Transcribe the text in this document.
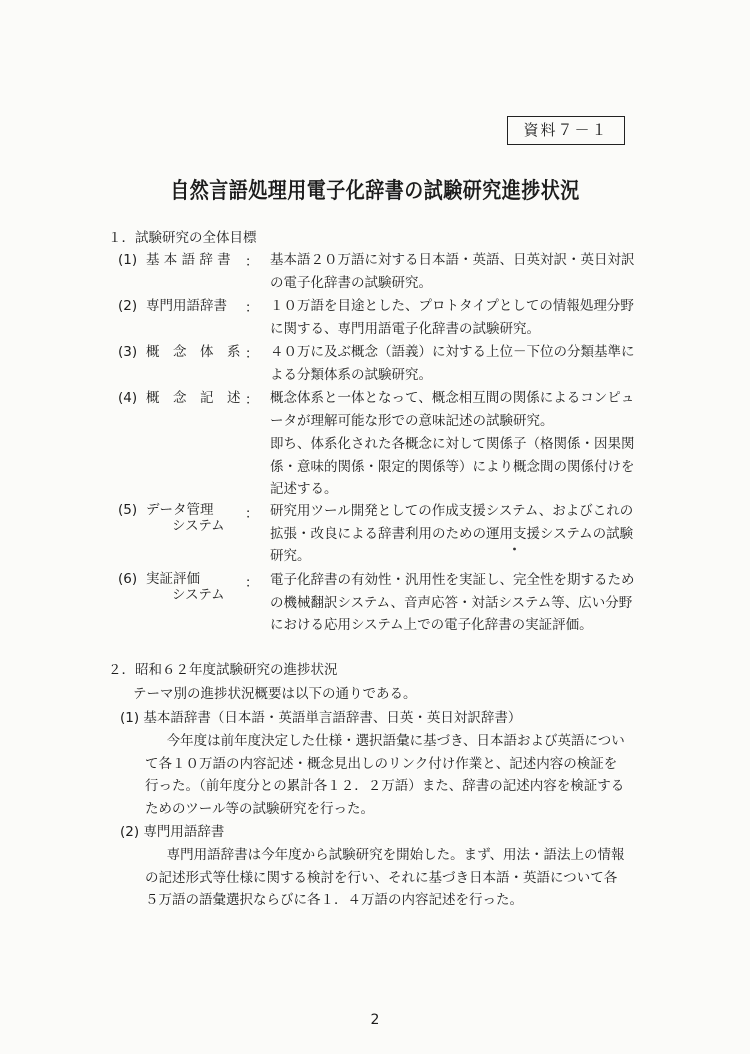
資料７－１
自然言語処理用電子化辞書の試験研究進捗状況
１．試験研究の全体目標
(1) 基 本 語 辞 書 ： 基本語２０万語に対する日本語・英語、日英対訳・英日対訳の電子化辞書の試験研究。
(2) 専門用語辞書 ： １０万語を目途とした、プロトタイプとしての情報処理分野に関する、専門用語電子化辞書の試験研究。
(3) 概　念　体　系 ： ４０万に及ぶ概念（語義）に対する上位－下位の分類基準による分類体系の試験研究。
(4) 概　念　記　述 ： 概念体系と一体となって、概念相互間の関係によるコンピュータが理解可能な形での意味記述の試験研究。
即ち、体系化された各概念に対して関係子（格関係・因果関係・意味的関係・限定的関係等）により概念間の関係付けを記述する。
(5) データ管理
システム
： 研究用ツール開発としての作成支援システム、およびこれの拡張・改良による辞書利用のための運用支援システムの試験研究。
(6) 実証評価
システム
： 電子化辞書の有効性・汎用性を実証し、完全性を期するための機械翻訳システム、音声応答・対話システム等、広い分野における応用システム上での電子化辞書の実証評価。
２．昭和６２年度試験研究の進捗状況
テーマ別の進捗状況概要は以下の通りである。
(1) 基本語辞書（日本語・英語単言語辞書、日英・英日対訳辞書）
今年度は前年度決定した仕様・選択語彙に基づき、日本語および英語について各１０万語の内容記述・概念見出しのリンク付け作業と、記述内容の検証を行った。（前年度分との累計各１２．２万語）また、辞書の記述内容を検証するためのツール等の試験研究を行った。
(2) 専門用語辞書
専門用語辞書は今年度から試験研究を開始した。まず、用法・語法上の情報の記述形式等仕様に関する検討を行い、それに基づき日本語・英語について各５万語の語彙選択ならびに各１．４万語の内容記述を行った。
2
